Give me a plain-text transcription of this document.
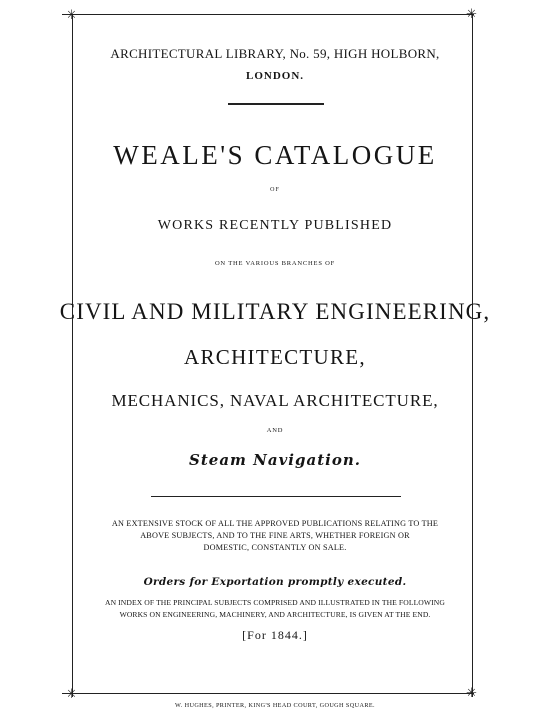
✳	✳
✳	✳
ARCHITECTURAL LIBRARY, No. 59, HIGH HOLBORN,
LONDON.
WEALE'S CATALOGUE
OF
WORKS RECENTLY PUBLISHED
ON THE VARIOUS BRANCHES OF
CIVIL AND MILITARY ENGINEERING,
ARCHITECTURE,
MECHANICS, NAVAL ARCHITECTURE,
AND
Steam Navigation.
AN EXTENSIVE STOCK OF ALL THE APPROVED PUBLICATIONS RELATING TO THE
ABOVE SUBJECTS, AND TO THE FINE ARTS, WHETHER FOREIGN OR
DOMESTIC, CONSTANTLY ON SALE.
Orders for Exportation promptly executed.
AN INDEX OF THE PRINCIPAL SUBJECTS COMPRISED AND ILLUSTRATED IN THE FOLLOWING
WORKS ON ENGINEERING, MACHINERY, AND ARCHITECTURE, IS GIVEN AT THE END.
[For 1844.]
W. HUGHES, PRINTER, KING'S HEAD COURT, GOUGH SQUARE.
